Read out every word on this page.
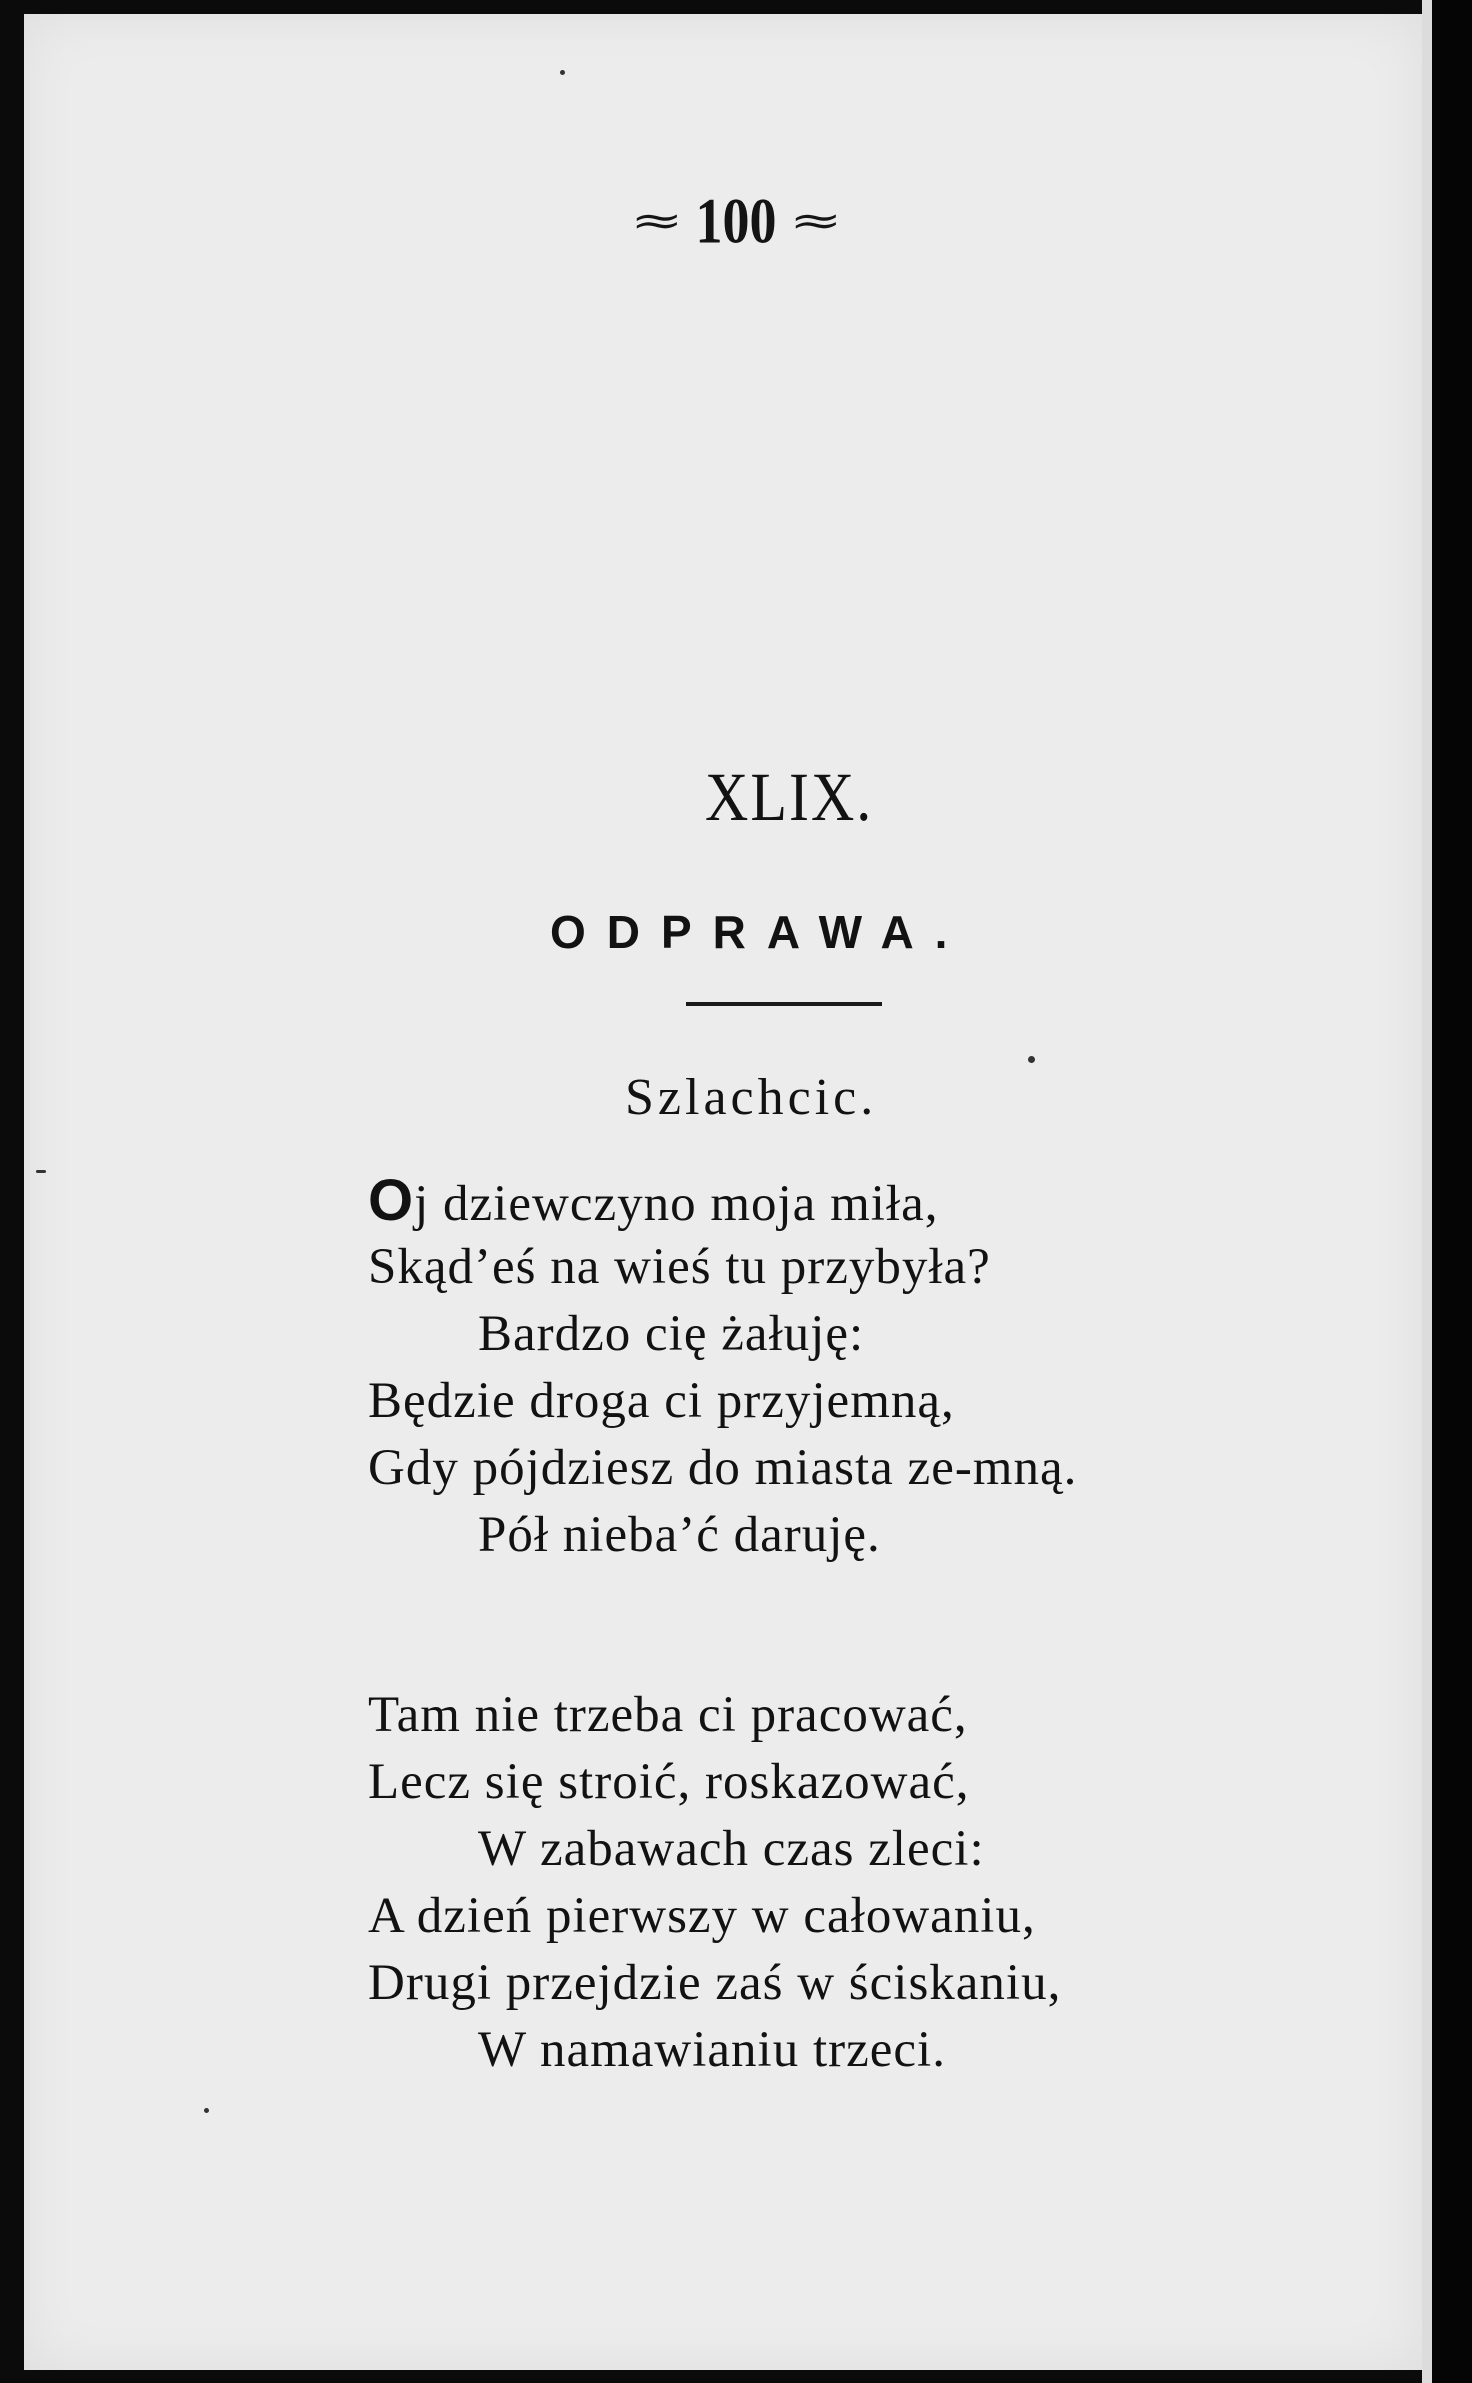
≈ 100 ≈
XLIX.
ODPRAWA.
Szlachcic.
Oj dziewczyno moja miła,
Skąd’eś na wieś tu przybyła?
Bardzo cię żałuję:
Będzie droga ci przyjemną,
Gdy pójdziesz do miasta ze-mną.
Pół nieba’ć daruję.
Tam nie trzeba ci pracować,
Lecz się stroić, roskazować,
W zabawach czas zleci:
A dzień pierwszy w całowaniu,
Drugi przejdzie zaś w ściskaniu,
W namawianiu trzeci.
